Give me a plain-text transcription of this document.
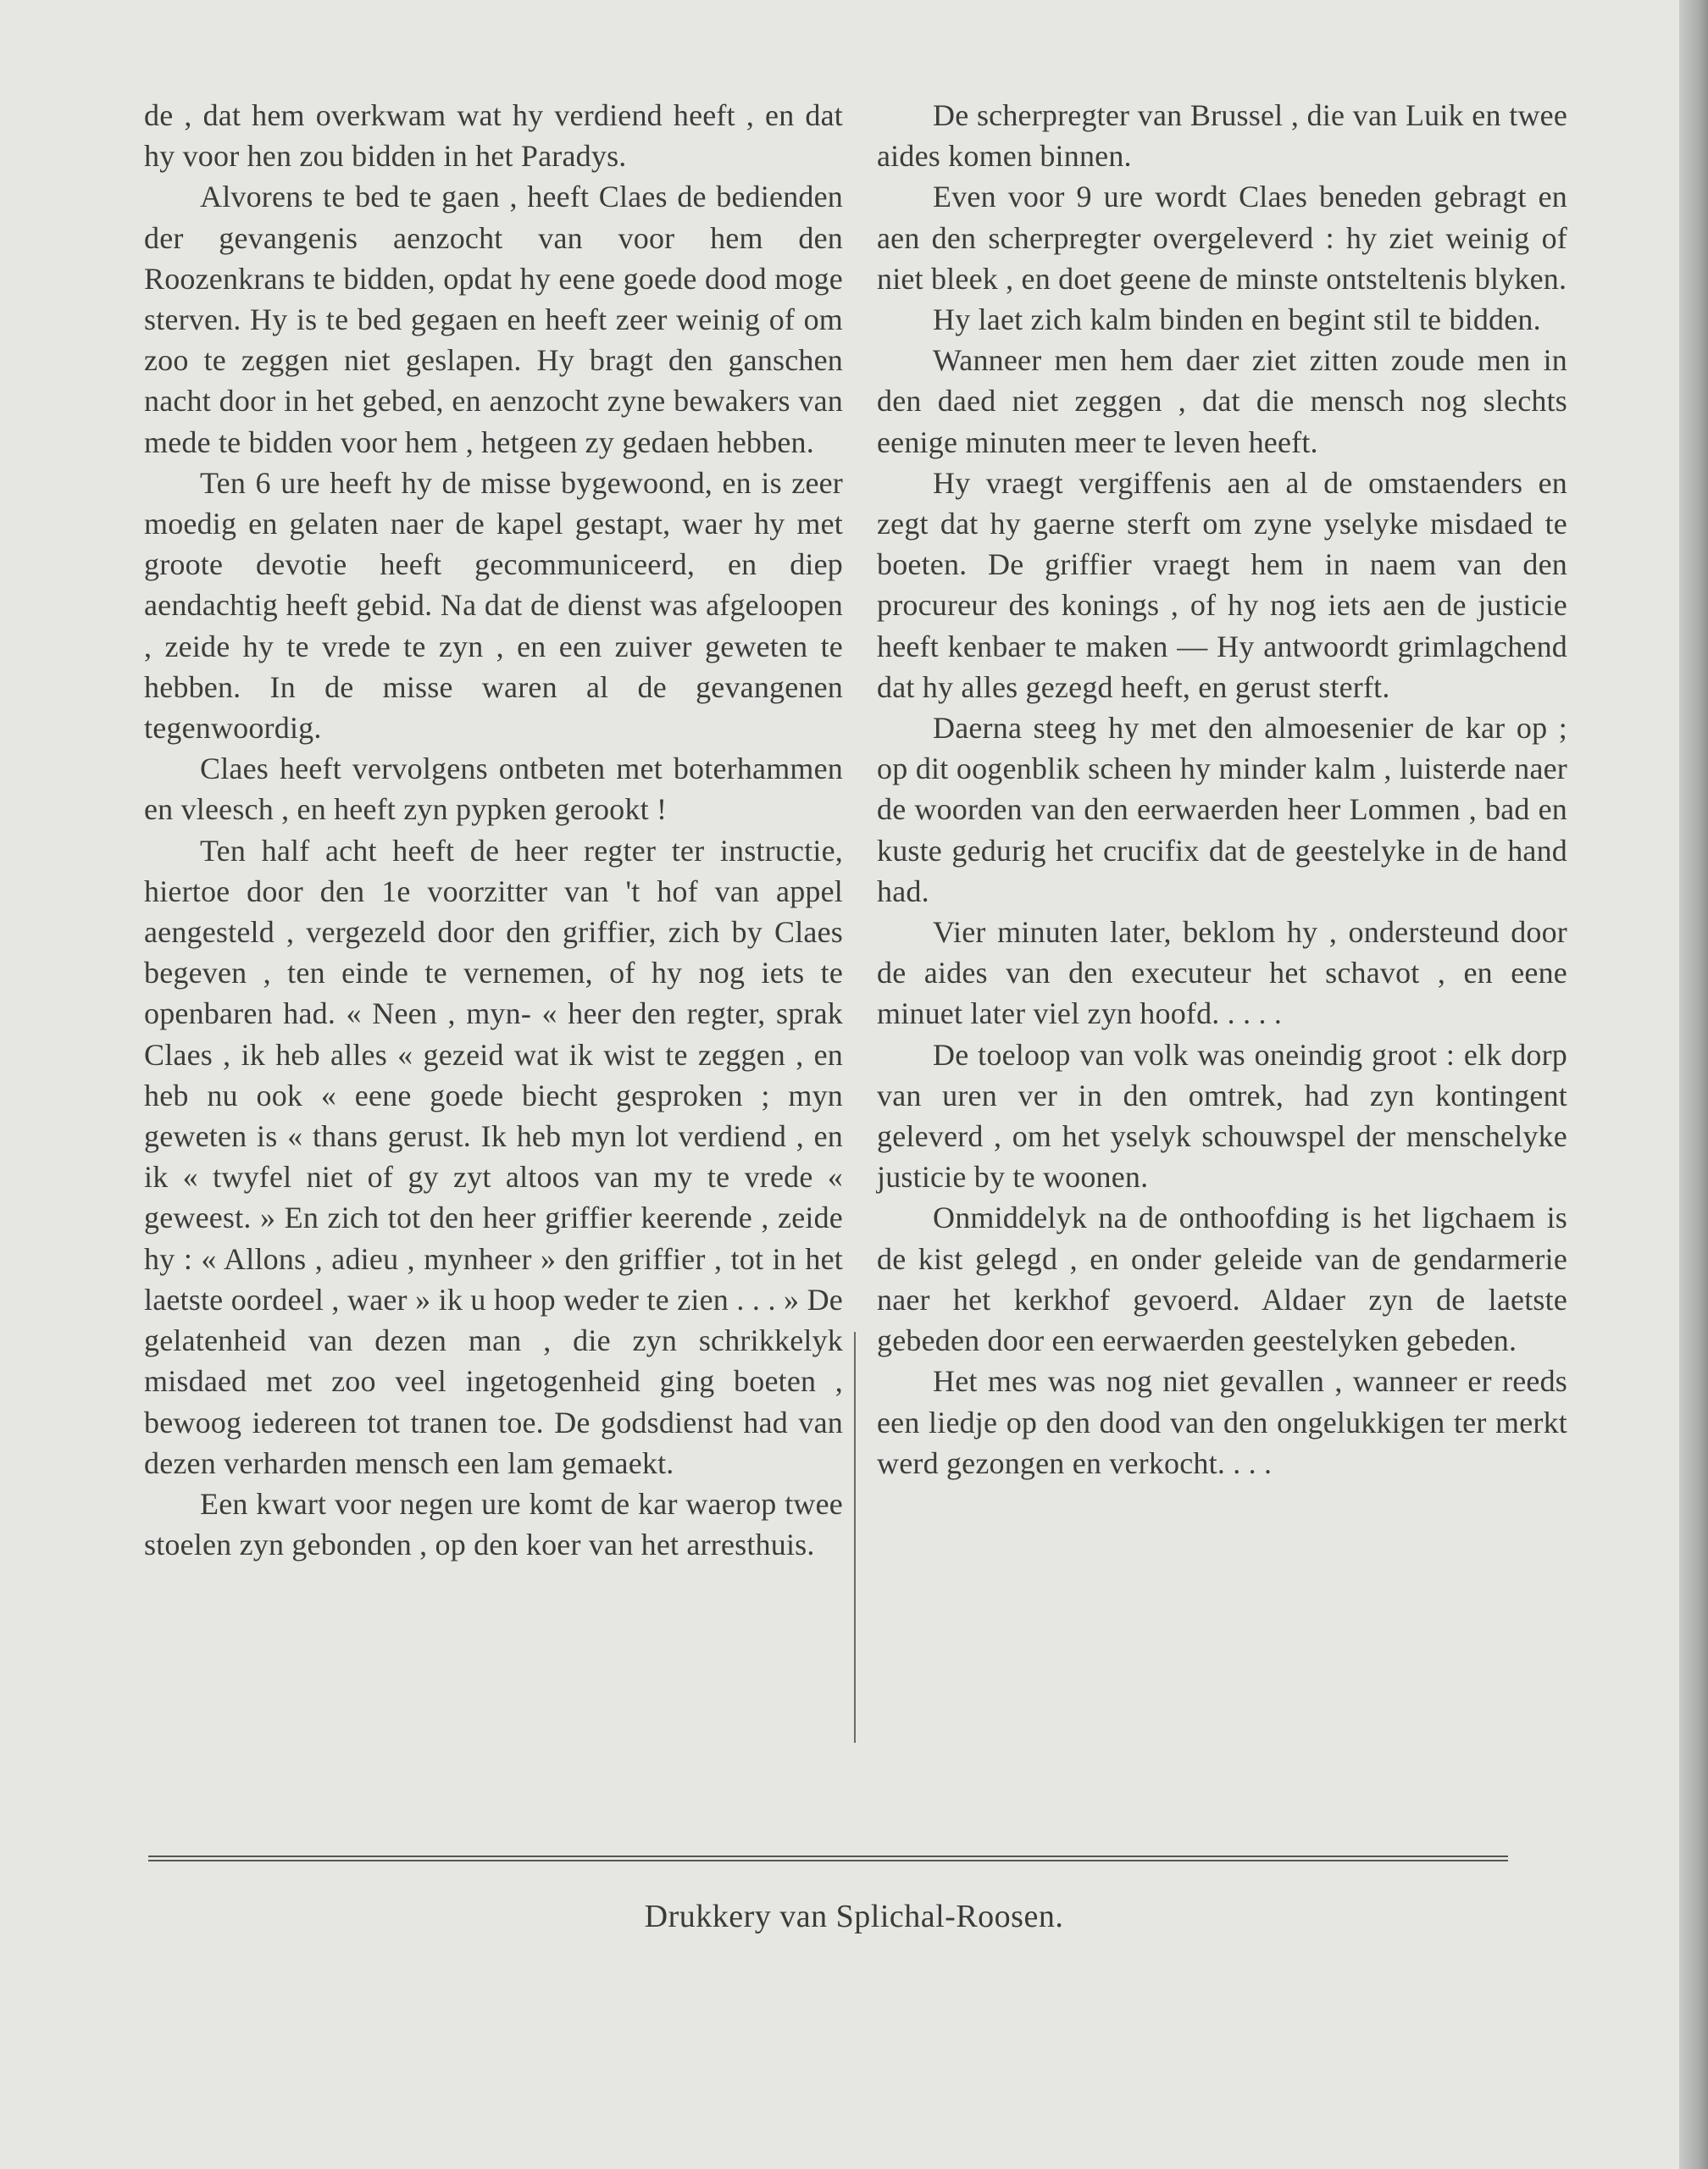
de , dat hem overkwam wat hy verdiend heeft , en dat hy voor hen zou bidden in het Paradys.

Alvorens te bed te gaen , heeft Claes de bedienden der gevangenis aenzocht van voor hem den Roozenkrans te bidden, opdat hy eene goede dood moge sterven. Hy is te bed gegaen en heeft zeer weinig of om zoo te zeggen niet geslapen. Hy bragt den ganschen nacht door in het gebed, en aenzocht zyne bewakers van mede te bidden voor hem , hetgeen zy gedaen hebben.

Ten 6 ure heeft hy de misse bygewoond, en is zeer moedig en gelaten naer de kapel gestapt, waer hy met groote devotie heeft gecommuniceerd, en diep aendachtig heeft gebid. Na dat de dienst was afgeloopen , zeide hy te vrede te zyn , en een zuiver geweten te hebben. In de misse waren al de gevangenen tegenwoordig.

Claes heeft vervolgens ontbeten met boterhammen en vleesch , en heeft zyn pypken gerookt !

Ten half acht heeft de heer regter ter instructie, hiertoe door den 1e voorzitter van 't hof van appel aengesteld , vergezeld door den griffier, zich by Claes begeven , ten einde te vernemen, of hy nog iets te openbaren had. « Neen , myn- « heer den regter, sprak Claes , ik heb alles « gezeid wat ik wist te zeggen , en heb nu ook « eene goede biecht gesproken ; myn geweten is « thans gerust. Ik heb myn lot verdiend , en ik « twyfel niet of gy zyt altoos van my te vrede « geweest. » En zich tot den heer griffier keerende , zeide hy : « Allons , adieu , mynheer » den griffier , tot in het laetste oordeel , waer » ik u hoop weder te zien . . . » De gelatenheid van dezen man , die zyn schrikkelyk misdaed met zoo veel ingetogenheid ging boeten , bewoog iedereen tot tranen toe. De godsdienst had van dezen verharden mensch een lam gemaekt.

Een kwart voor negen ure komt de kar waerop twee stoelen zyn gebonden , op den koer van het arresthuis.

De scherpregter van Brussel , die van Luik en twee aides komen binnen.

Even voor 9 ure wordt Claes beneden gebragt en aen den scherpregter overgeleverd : hy ziet weinig of niet bleek , en doet geene de minste ontsteltenis blyken.

Hy laet zich kalm binden en begint stil te bidden.

Wanneer men hem daer ziet zitten zoude men in den daed niet zeggen , dat die mensch nog slechts eenige minuten meer te leven heeft.

Hy vraegt vergiffenis aen al de omstaenders en zegt dat hy gaerne sterft om zyne yselyke misdaed te boeten. De griffier vraegt hem in naem van den procureur des konings , of hy nog iets aen de justicie heeft kenbaer te maken — Hy antwoordt grimlagchend dat hy alles gezegd heeft, en gerust sterft.

Daerna steeg hy met den almoesenier de kar op ; op dit oogenblik scheen hy minder kalm , luisterde naer de woorden van den eerwaerden heer Lommen , bad en kuste gedurig het crucifix dat de geestelyke in de hand had.

Vier minuten later, beklom hy , ondersteund door de aides van den executeur het schavot , en eene minuet later viel zyn hoofd. . . . .

De toeloop van volk was oneindig groot : elk dorp van uren ver in den omtrek, had zyn kontingent geleverd , om het yselyk schouwspel der menschelyke justicie by te woonen.

Onmiddelyk na de onthoofding is het ligchaem is de kist gelegd , en onder geleide van de gendarmerie naer het kerkhof gevoerd. Aldaer zyn de laetste gebeden door een eerwaerden geestelyken gebeden.

Het mes was nog niet gevallen , wanneer er reeds een liedje op den dood van den ongelukkigen ter merkt werd gezongen en verkocht. . . .

Drukkery van Splichal-Roosen.
